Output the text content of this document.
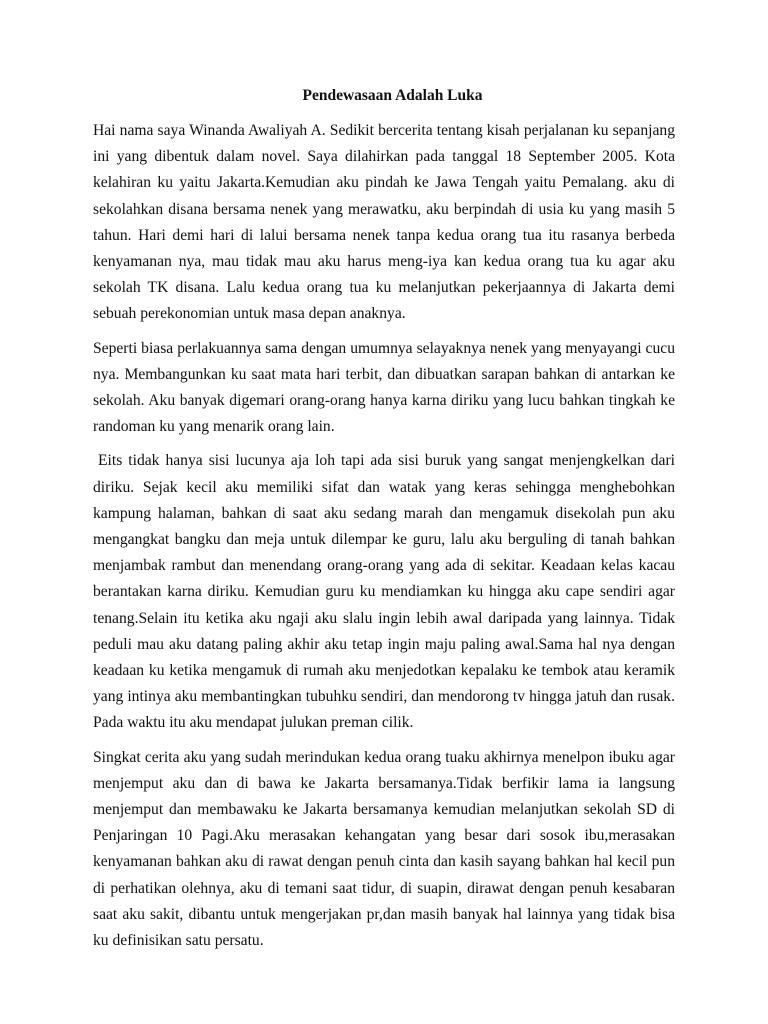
Pendewasaan Adalah Luka

Hai nama saya Winanda Awaliyah A. Sedikit bercerita tentang kisah perjalanan ku sepanjang ini yang dibentuk dalam novel. Saya dilahirkan pada tanggal 18 September 2005. Kota kelahiran ku yaitu Jakarta.Kemudian aku pindah ke Jawa Tengah yaitu Pemalang. aku di sekolahkan disana bersama nenek yang merawatku, aku berpindah di usia ku yang masih 5 tahun. Hari demi hari di lalui bersama nenek tanpa kedua orang tua itu rasanya berbeda kenyamanan nya, mau tidak mau aku harus meng-iya kan kedua orang tua ku agar aku sekolah TK disana. Lalu kedua orang tua ku melanjutkan pekerjaannya di Jakarta demi sebuah perekonomian untuk masa depan anaknya.

Seperti biasa perlakuannya sama dengan umumnya selayaknya nenek yang menyayangi cucu nya. Membangunkan ku saat mata hari terbit, dan dibuatkan sarapan bahkan di antarkan ke sekolah. Aku banyak digemari orang-orang hanya karna diriku yang lucu bahkan tingkah ke randoman ku yang menarik orang lain.

Eits tidak hanya sisi lucunya aja loh tapi ada sisi buruk yang sangat menjengkelkan dari diriku. Sejak kecil aku memiliki sifat dan watak yang keras sehingga menghebohkan kampung halaman, bahkan di saat aku sedang marah dan mengamuk disekolah pun aku mengangkat bangku dan meja untuk dilempar ke guru, lalu aku berguling di tanah bahkan menjambak rambut dan menendang orang-orang yang ada di sekitar. Keadaan kelas kacau berantakan karna diriku. Kemudian guru ku mendiamkan ku hingga aku cape sendiri agar tenang.Selain itu ketika aku ngaji aku slalu ingin lebih awal daripada yang lainnya. Tidak peduli mau aku datang paling akhir aku tetap ingin maju paling awal.Sama hal nya dengan keadaan ku ketika mengamuk di rumah aku menjedotkan kepalaku ke tembok atau keramik yang intinya aku membantingkan tubuhku sendiri, dan mendorong tv hingga jatuh dan rusak. Pada waktu itu aku mendapat julukan preman cilik.

Singkat cerita aku yang sudah merindukan kedua orang tuaku akhirnya menelpon ibuku agar menjemput aku dan di bawa ke Jakarta bersamanya.Tidak berfikir lama ia langsung menjemput dan membawaku ke Jakarta bersamanya kemudian melanjutkan sekolah SD di Penjaringan 10 Pagi.Aku merasakan kehangatan yang besar dari sosok ibu,merasakan kenyamanan bahkan aku di rawat dengan penuh cinta dan kasih sayang bahkan hal kecil pun di perhatikan olehnya, aku di temani saat tidur, di suapin, dirawat dengan penuh kesabaran saat aku sakit, dibantu untuk mengerjakan pr,dan masih banyak hal lainnya yang tidak bisa ku definisikan satu persatu.
